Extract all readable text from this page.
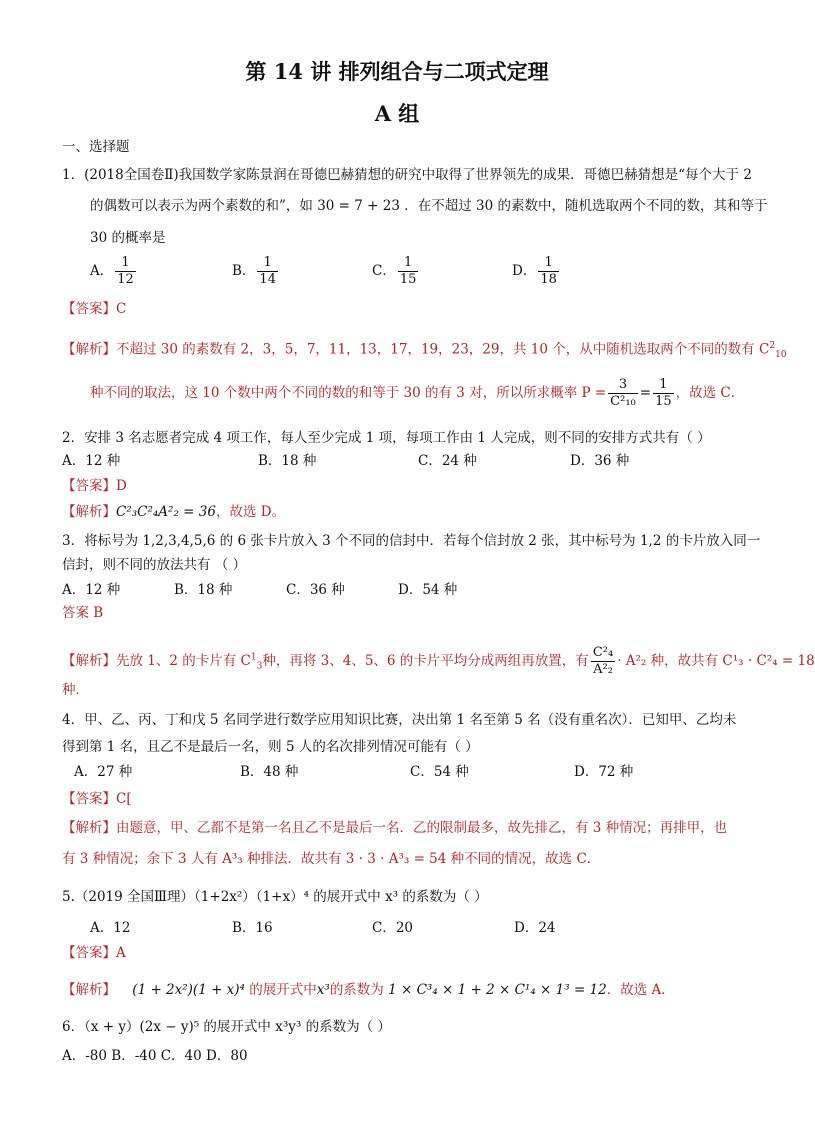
第 14 讲 排列组合与二项式定理
A 组
一、选择题
1．(2018全国卷Ⅱ)我国数学家陈景润在哥德巴赫猜想的研究中取得了世界领先的成果．哥德巴赫猜想是“每个大于 2
的偶数可以表示为两个素数的和”，如 30 = 7 + 23 ．在不超过 30 的素数中，随机选取两个不同的数，其和等于
30 的概率是
A． $\frac{1}{12}$	B． $\frac{1}{14}$	C． $\frac{1}{15}$	D． $\frac{1}{18}$
【答案】C
【解析】不超过 30 的素数有 2，3，5，7，11，13，17，19，23，29，共 10 个，从中随机选取两个不同的数有 $C^2_{10}$
种不同的取法，这 10 个数中两个不同的数的和等于 30 的有 3 对，所以所求概率 $P = \frac{3}{\text{C²₁₀}} = \frac{1}{15}$ ，故选 C．
2．安排 3 名志愿者完成 4 项工作，每人至少完成 1 项，每项工作由 1 人完成，则不同的安排方式共有（ ）
A．12 种	B．18 种	C．24 种	D．36 种
【答案】D
【解析】C²₃C²₄A²₂ = 36，故选 D。
3．将标号为 1,2,3,4,5,6 的 6 张卡片放入 3 个不同的信封中．若每个信封放 2 张，其中标号为 1,2 的卡片放入同一
信封，则不同的放法共有 （ ）
A．12 种	B．18 种	C．36 种	D．54 种
答案 B
【解析】先放 1、2 的卡片有 $C^1_3$种，再将 3、4、5、6 的卡片平均分成两组再放置，有 $\frac{\text{C²₄}}{\text{A²₂}} \cdot A^2_2$ 种，故共有 C¹₃ · C²₄ = 18
种．
4．甲、乙、丙、丁和戊 5 名同学进行数学应用知识比赛，决出第 1 名至第 5 名（没有重名次）．已知甲、乙均未
得到第 1 名，且乙不是最后一名，则 5 人的名次排列情况可能有（ ）
A．27 种	B．48 种	C．54 种	D．72 种
【答案】C[
【解析】由题意，甲、乙都不是第一名且乙不是最后一名．乙的限制最多，故先排乙，有 3 种情况；再排甲，也
有 3 种情况；余下 3 人有 A³₃ 种排法．故共有 3 · 3 · A³₃ = 54 种不同的情况，故选 C．
5.（2019 全国Ⅲ理）（1+2x²）（1+x）⁴ 的展开式中 x³ 的系数为（ ）
A．12	B．16	C．20	D．24
【答案】A
【解析】 (1 + 2x²)(1 + x)⁴ 的展开式中x³的系数为 1 × C³₄ × 1 + 2 × C¹₄ × 1³ = 12．故选 A．
6．（x + y）(2x − y)⁵ 的展开式中 x³y³ 的系数为（ ）
A．-80 B．-40 C．40 D．80
